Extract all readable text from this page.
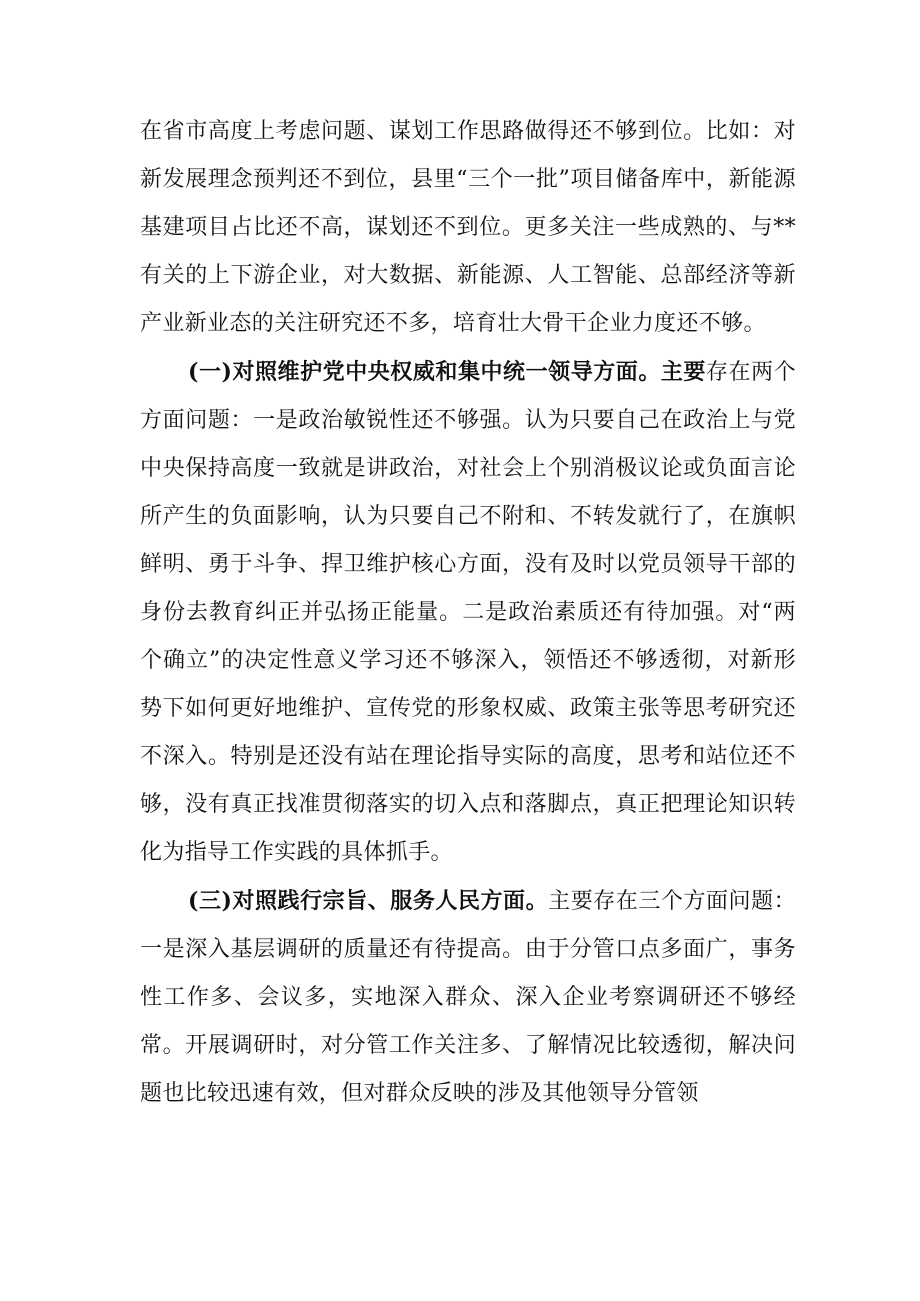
在省市高度上考虑问题、谋划工作思路做得还不够到位。比如：对新发展理念预判还不到位，县里“三个一批”项目储备库中，新能源基建项目占比还不高，谋划还不到位。更多关注一些成熟的、与**有关的上下游企业，对大数据、新能源、人工智能、总部经济等新产业新业态的关注研究还不多，培育壮大骨干企业力度还不够。

(一)对照维护党中央权威和集中统一领导方面。主要存在两个方面问题：一是政治敏锐性还不够强。认为只要自己在政治上与党中央保持高度一致就是讲政治，对社会上个别消极议论或负面言论所产生的负面影响，认为只要自己不附和、不转发就行了，在旗帜鲜明、勇于斗争、捍卫维护核心方面，没有及时以党员领导干部的身份去教育纠正并弘扬正能量。二是政治素质还有待加强。对“两个确立”的决定性意义学习还不够深入，领悟还不够透彻，对新形势下如何更好地维护、宣传党的形象权威、政策主张等思考研究还不深入。特别是还没有站在理论指导实际的高度，思考和站位还不够，没有真正找准贯彻落实的切入点和落脚点，真正把理论知识转化为指导工作实践的具体抓手。

(三)对照践行宗旨、服务人民方面。主要存在三个方面问题：一是深入基层调研的质量还有待提高。由于分管口点多面广，事务性工作多、会议多，实地深入群众、深入企业考察调研还不够经常。开展调研时，对分管工作关注多、了解情况比较透彻，解决问题也比较迅速有效，但对群众反映的涉及其他领导分管领
